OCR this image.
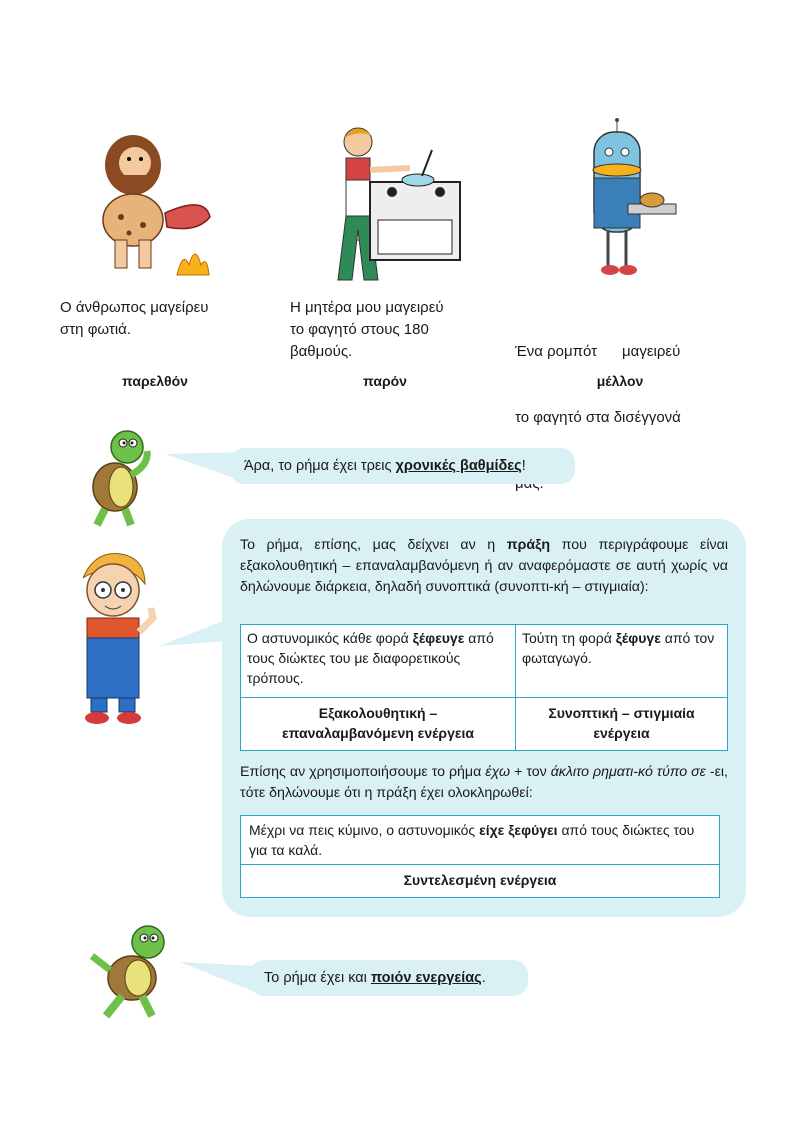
Ο άνθρωπος μαγείρευ
στη φωτιά.
Η μητέρα μου μαγειρεύ
το φαγητό στους 180
βαθμούς.

	Ένα ρομπότ      μαγειρεύ

το φαγητό στα δισέγγονά

παρελθόν	παρόν	μέλλον
Άρα, το ρήμα έχει τρεις χρονικές βαθμίδες!
Το ρήμα, επίσης, μας δείχνει αν η πράξη που περιγράφουμε είναι εξακολουθητική – επαναλαμβανόμενη ή αν αναφερόμαστε σε αυτή χωρίς να δηλώνουμε διάρκεια, δηλαδή συνοπτικά (συνοπτι-κή – στιγμιαία):
Ο αστυνομικός κάθε φορά ξέφευγε από τους διώκτες του με διαφορετικούς τρόπους.	Τούτη τη φορά ξέφυγε από τον φωταγωγό.
Εξακολουθητική – επαναλαμβανόμενη ενέργεια	Συνοπτική – στιγμιαία ενέργεια
Επίσης αν χρησιμοποιήσουμε το ρήμα έχω + τον άκλιτο ρηματι-κό τύπο σε -ει, τότε δηλώνουμε ότι η πράξη έχει ολοκληρωθεί:
Μέχρι να πεις κύμινο, ο αστυνομικός είχε ξεφύγει από τους διώκτες του για τα καλά.
Συντελεσμένη ενέργεια
Το ρήμα έχει και ποιόν ενεργείας.
